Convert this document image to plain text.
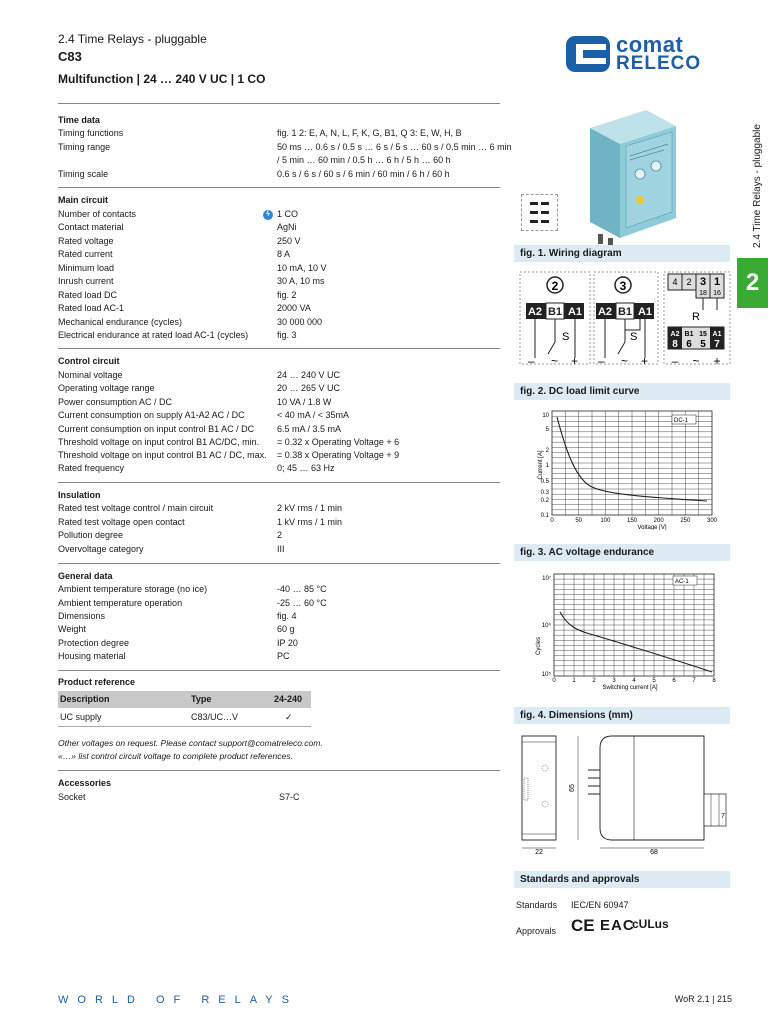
2.4 Time Relays - pluggable
C83
Multifunction | 24 … 240 V UC | 1 CO
comat
RELECO
2.4 Time Relays - pluggable
2
Time data
Timing functions	fig. 1 2: E, A, N, L, F, K, G, B1, Q 3: E, W, H, B
Timing range	50 ms … 0.6 s / 0.5 s … 6 s / 5 s … 60 s / 0.5 min … 6 min
/ 5 min … 60 min / 0.5 h … 6 h / 5 h … 60 h
Timing scale	0.6 s / 6 s / 60 s / 6 min / 60 min / 6 h / 60 h
Main circuit
Number of contacts	ϟ 1 CO
Contact material	AgNi
Rated voltage	250 V
Rated current	8 A
Minimum load	10 mA, 10 V
Inrush current	30 A, 10 ms
Rated load DC	fig. 2
Rated load AC-1	2000 VA
Mechanical endurance (cycles)	30 000 000
Electrical endurance at rated load AC-1 (cycles)	fig. 3
Control circuit
Nominal voltage	24 … 240 V UC
Operating voltage range	20 … 265 V UC
Power consumption AC / DC	10 VA / 1.8 W
Current consumption on supply A1-A2 AC / DC	< 40 mA / < 35mA
Current consumption on input control B1 AC / DC	6.5 mA / 3.5 mA
Threshold voltage on input control B1 AC/DC, min. = 0.32 x Operating Voltage + 6
Threshold voltage on input control B1 AC / DC, max. = 0.38 x Operating Voltage + 9
Rated frequency	0; 45 … 63 Hz
Insulation
Rated test voltage control / main circuit	2 kV rms / 1 min
Rated test voltage open contact	1 kV rms / 1 min
Pollution degree	2
Overvoltage category	III
General data
Ambient temperature storage (no ice)	-40 … 85 °C
Ambient temperature operation	-25 … 60 °C
Dimensions	fig. 4
Weight	60 g
Protection degree	IP 20
Housing material	PC
Product reference
Description	Type	24-240
UC supply	C83/UC…V	✓
Other voltages on request. Please contact support@comatreleco.com.
«…» list control circuit voltage to complete product references.
Accessories
Socket	S7-C
fig. 1. Wiring diagram
2
A2 B1 A1
S
– ~ +
3
A2 B1 A1
S
– ~ +
4 2 3 1
18 16
R
A2 B1 15 A1
8 6 5 7
– ~ +
fig. 2. DC load limit curve
DC-1
Voltage [V]
Current [A]
0	50	100	150	200	250	300
0.1
0.2
0.3
0.5
1
2
5
10
fig. 3. AC voltage endurance
AC-1
Switching current [A]
Cycles
0	1	2	3	4	5	6	7	8
10⁷
10⁶
10⁵
fig. 4. Dimensions (mm)
22
65
7
68
Standards and approvals
Standards IEC/EN 60947
Approvals CE EAC
cULus
WORLD OF RELAYS	WoR 2.1 | 215
